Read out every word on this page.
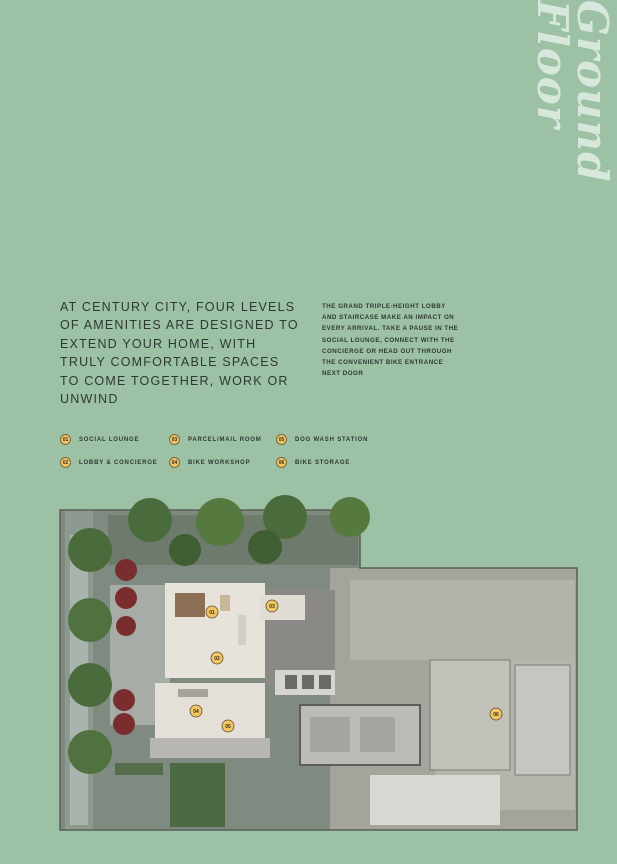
Ground
Floor
AT CENTURY CITY, FOUR LEVELS OF AMENITIES ARE DESIGNED TO EXTEND YOUR HOME, WITH TRULY COMFORTABLE SPACES TO COME TOGETHER, WORK OR UNWIND
THE GRAND TRIPLE-HEIGHT LOBBY AND STAIRCASE MAKE AN IMPACT ON EVERY ARRIVAL. TAKE A PAUSE IN THE SOCIAL LOUNGE, CONNECT WITH THE CONCIERGE OR HEAD OUT THROUGH THE CONVENIENT BIKE ENTRANCE NEXT DOOR
01	SOCIAL LOUNGE
02	LOBBY & CONCIERGE
03	PARCEL/MAIL ROOM
04	BIKE WORKSHOP
05	DOG WASH STATION
06	BIKE STORAGE
01
02
03
04
05
06
